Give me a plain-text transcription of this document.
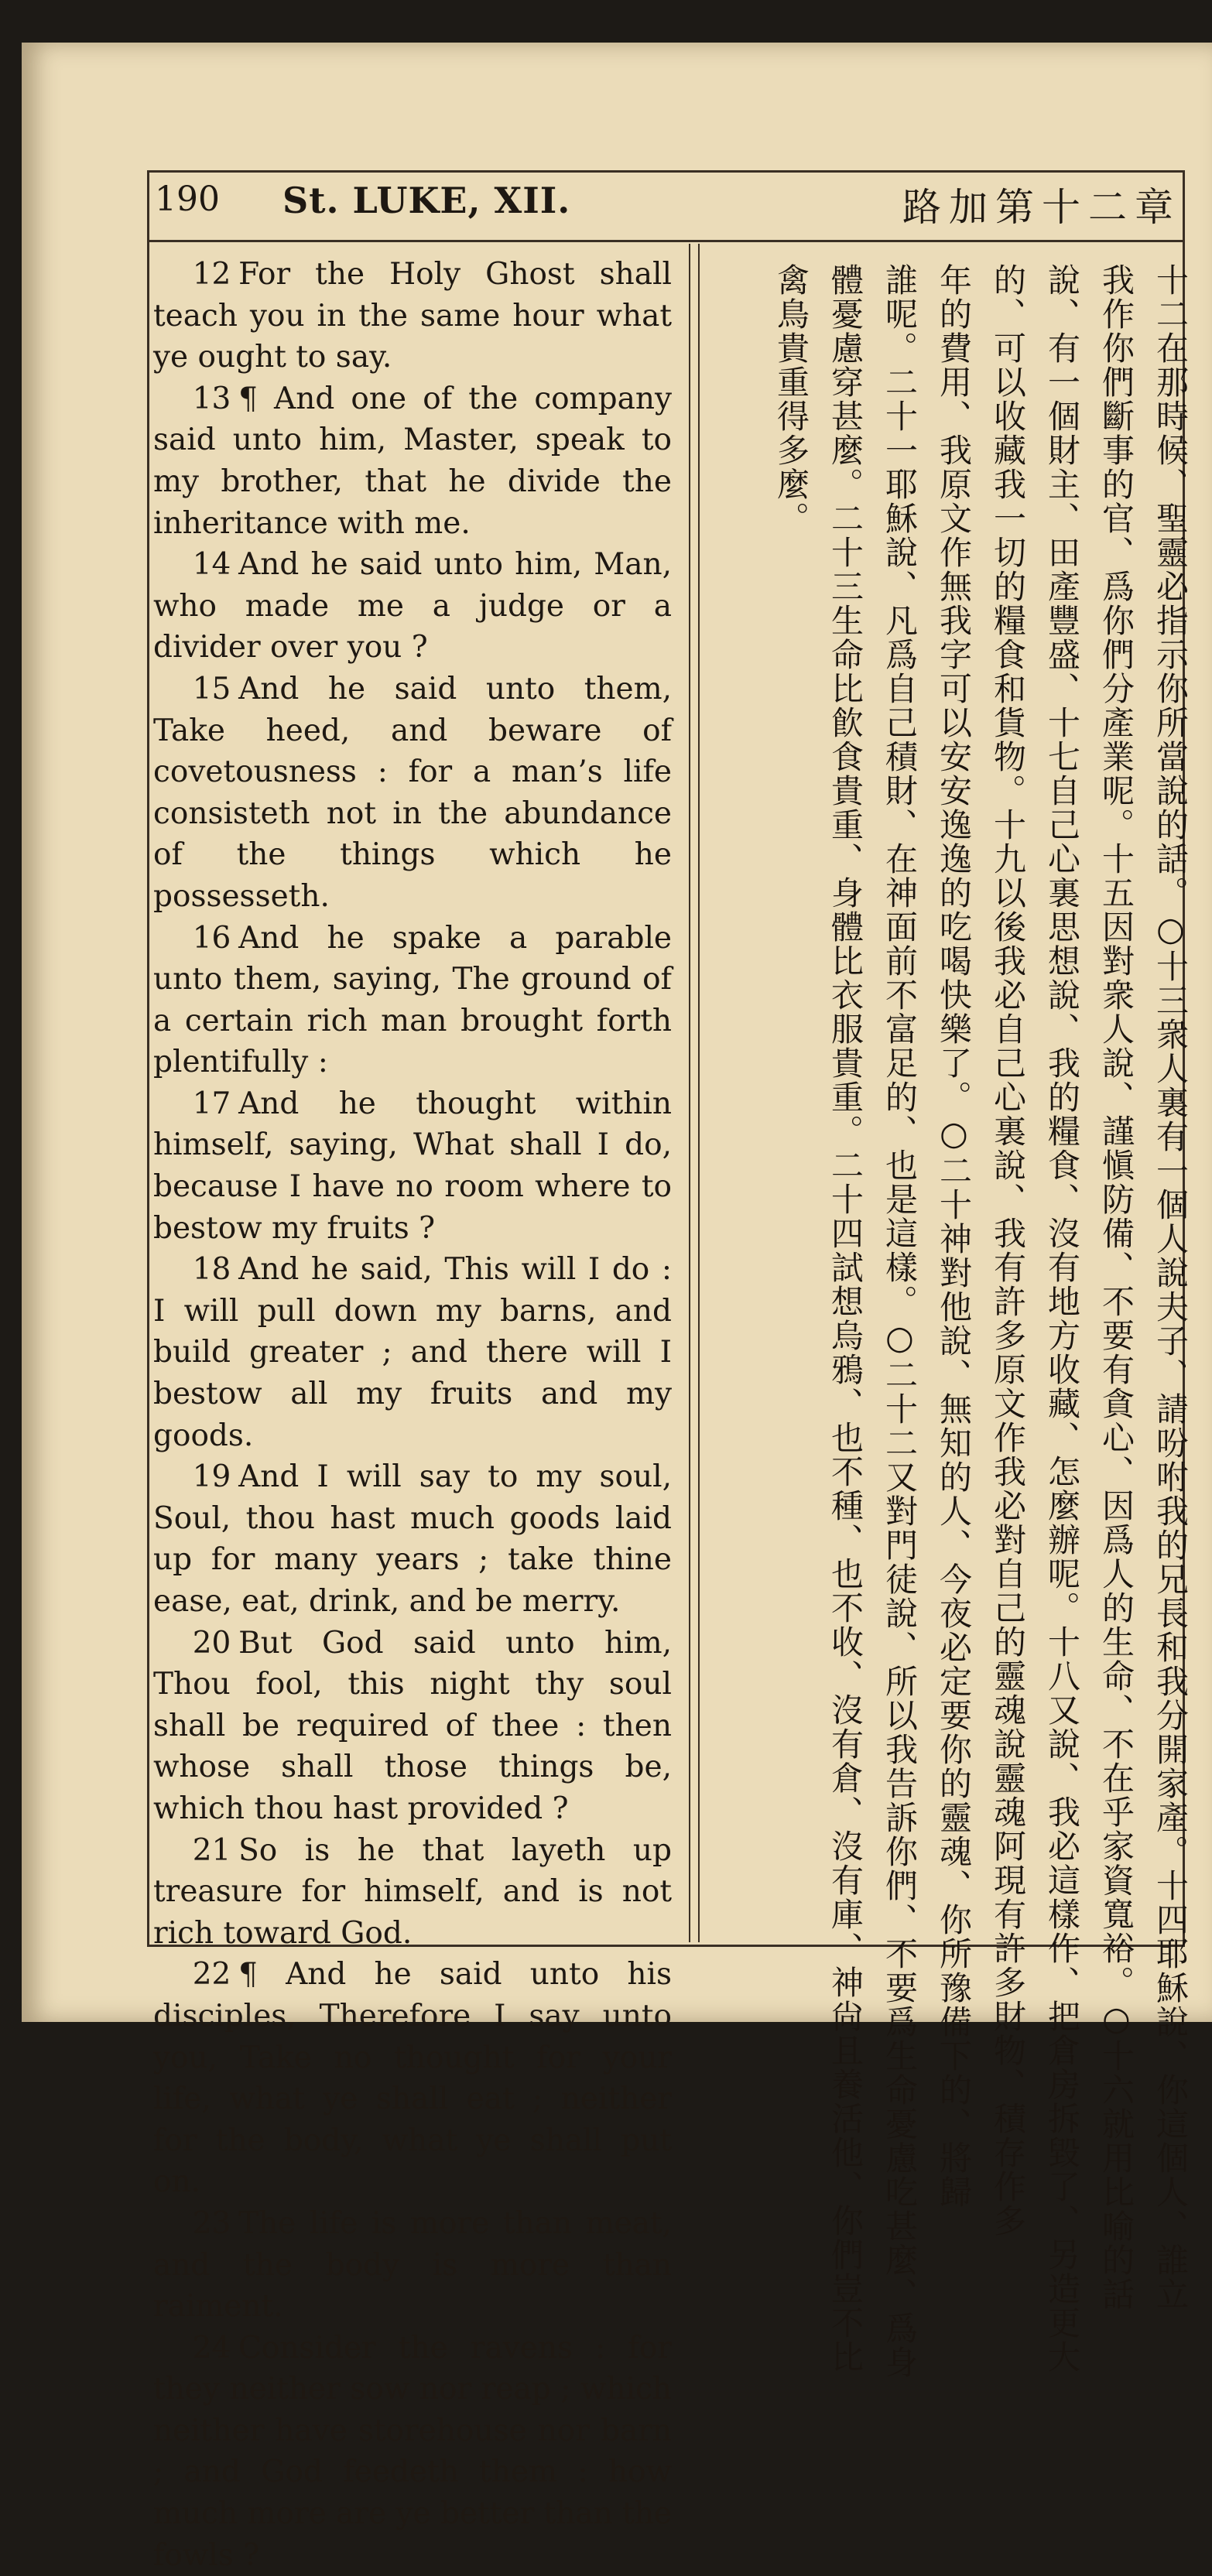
190 St. LUKE, XII.	路加第十二章

12 For the Holy Ghost shall teach you in the same hour what ye ought to say.

13 ¶ And one of the company said unto him, Master, speak to my brother, that he divide the inheritance with me.

14 And he said unto him, Man, who made me a judge or a divider over you ?

15 And he said unto them, Take heed, and beware of covetousness : for a man’s life consisteth not in the abundance of the things which he possesseth.

16 And he spake a parable unto them, saying, The ground of a certain rich man brought forth plentifully :

17 And he thought within himself, saying, What shall I do, because I have no room where to bestow my fruits ?

18 And he said, This will I do : I will pull down my barns, and build greater ; and there will I bestow all my fruits and my goods.

19 And I will say to my soul, Soul, thou hast much goods laid up for many years ; take thine ease, eat, drink, and be merry.

20 But God said unto him, Thou fool, this night thy soul shall be required of thee : then whose shall those things be, which thou hast provided ?

21 So is he that layeth up treasure for himself, and is not rich toward God.

22 ¶ And he said unto his disciples, Therefore I say unto you, Take no thought for your life, what ye shall eat ; neither for the body, what ye shall put on.

23 The life is more than meat, and the body is more than raiment.

24 Consider the ravens : for they neither sow nor reap ; which neither have storehouse nor barn ; and God feedeth them : how much more are ye better than the fowls ?

十二在那時候、聖靈必指示你所當說的話。○十三衆人裏有一個人說夫子、請吩咐我的兄長和我分開家產。十四耶穌說、你這個人、誰立
我作你們斷事的官、爲你們分產業呢。十五因對衆人說、謹愼防備、不要有貪心、因爲人的生命、不在乎家資寬裕。○十六就用比喻的話
說、有一個財主、田產豐盛、十七自己心裏思想說、我的糧食、沒有地方收藏、怎麼辦呢。十八又說、我必這樣作、把倉房拆毀了、另造更大
的、可以收藏我一切的糧食和貨物。十九以後我必自己心裏說、我有許多原文作我必對自己的靈魂說靈魂阿現有許多財物、積存作多
年的費用、我原文作無我字可以安安逸逸的吃喝快樂了。○二十神對他說、無知的人、今夜必定要你的靈魂、你所豫備下的、將歸
誰呢。二十一耶穌說、凡爲自己積財、在神面前不富足的、也是這樣。○二十二又對門徒說、所以我告訴你們、不要爲生命憂慮吃甚麼、爲身
體憂慮穿甚麼。二十三生命比飮食貴重、身體比衣服貴重。二十四試想烏鴉、也不種、也不收、沒有倉、沒有庫、神尙且養活他、你們豈不比
禽鳥貴重得多麼。
